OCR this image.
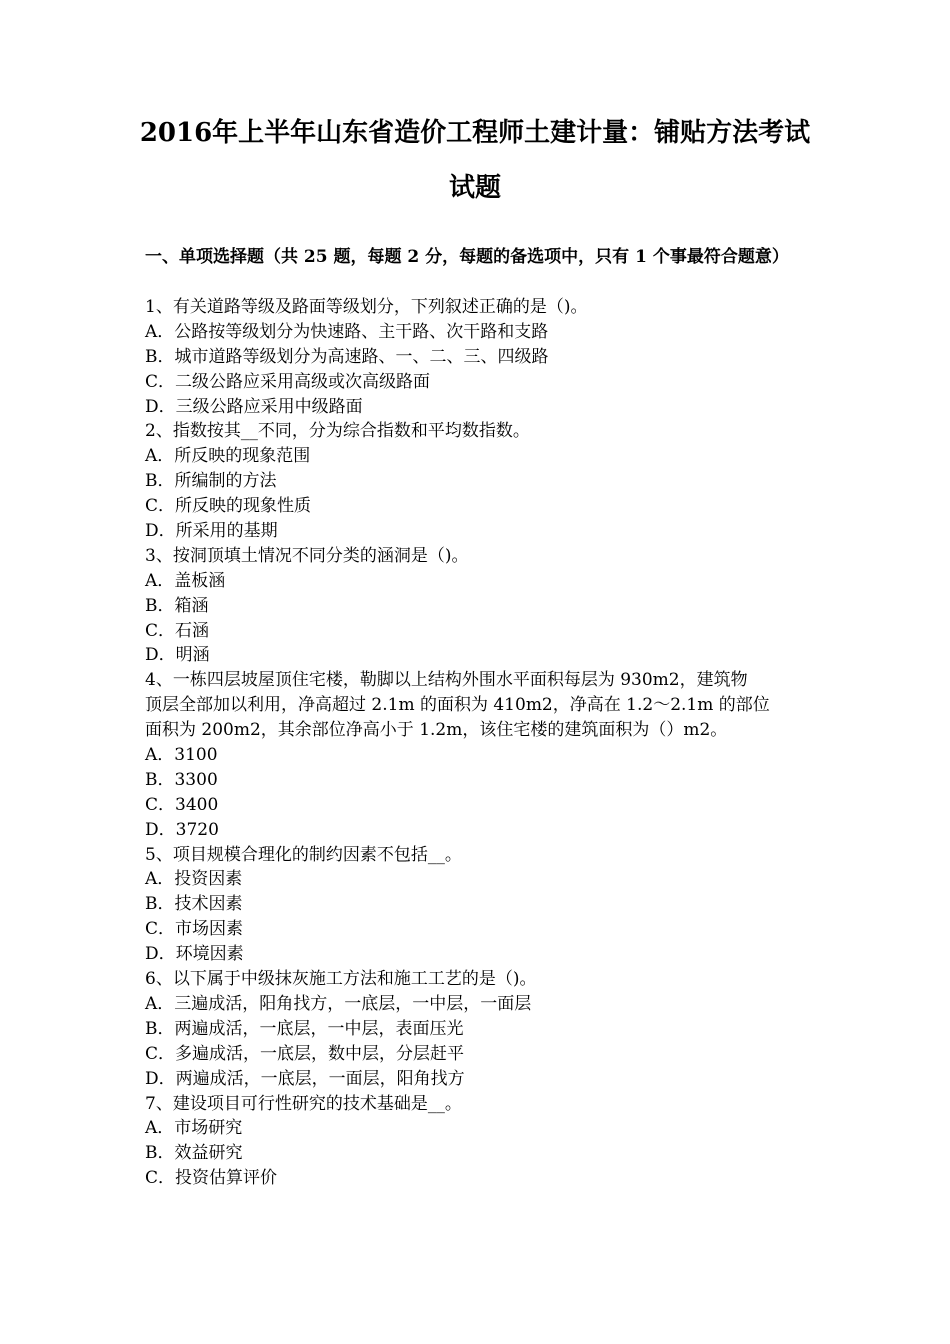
2016年上半年山东省造价工程师土建计量：铺贴方法考试
试题
一、单项选择题（共 25 题，每题 2 分，每题的备选项中，只有 1 个事最符合题意）
1、有关道路等级及路面等级划分，下列叙述正确的是（)。
A．公路按等级划分为快速路、主干路、次干路和支路
B．城市道路等级划分为高速路、一、二、三、四级路
C．二级公路应采用高级或次高级路面
D．三级公路应采用中级路面
2、指数按其__不同，分为综合指数和平均数指数。
A．所反映的现象范围
B．所编制的方法
C．所反映的现象性质
D．所采用的基期
3、按洞顶填土情况不同分类的涵洞是（)。
A．盖板涵
B．箱涵
C．石涵
D．明涵
4、一栋四层坡屋顶住宅楼，勒脚以上结构外围水平面积每层为 930m2，建筑物
顶层全部加以利用，净高超过 2.1m 的面积为 410m2，净高在 1.2～2.1m 的部位
面积为 200m2，其余部位净高小于 1.2m，该住宅楼的建筑面积为（）m2。
A．3100
B．3300
C．3400
D．3720
5、项目规模合理化的制约因素不包括__。
A．投资因素
B．技术因素
C．市场因素
D．环境因素
6、以下属于中级抹灰施工方法和施工工艺的是（)。
A．三遍成活，阳角找方，一底层，一中层，一面层
B．两遍成活，一底层，一中层，表面压光
C．多遍成活，一底层，数中层，分层赶平
D．两遍成活，一底层，一面层，阳角找方
7、建设项目可行性研究的技术基础是__。
A．市场研究
B．效益研究
C．投资估算评价
